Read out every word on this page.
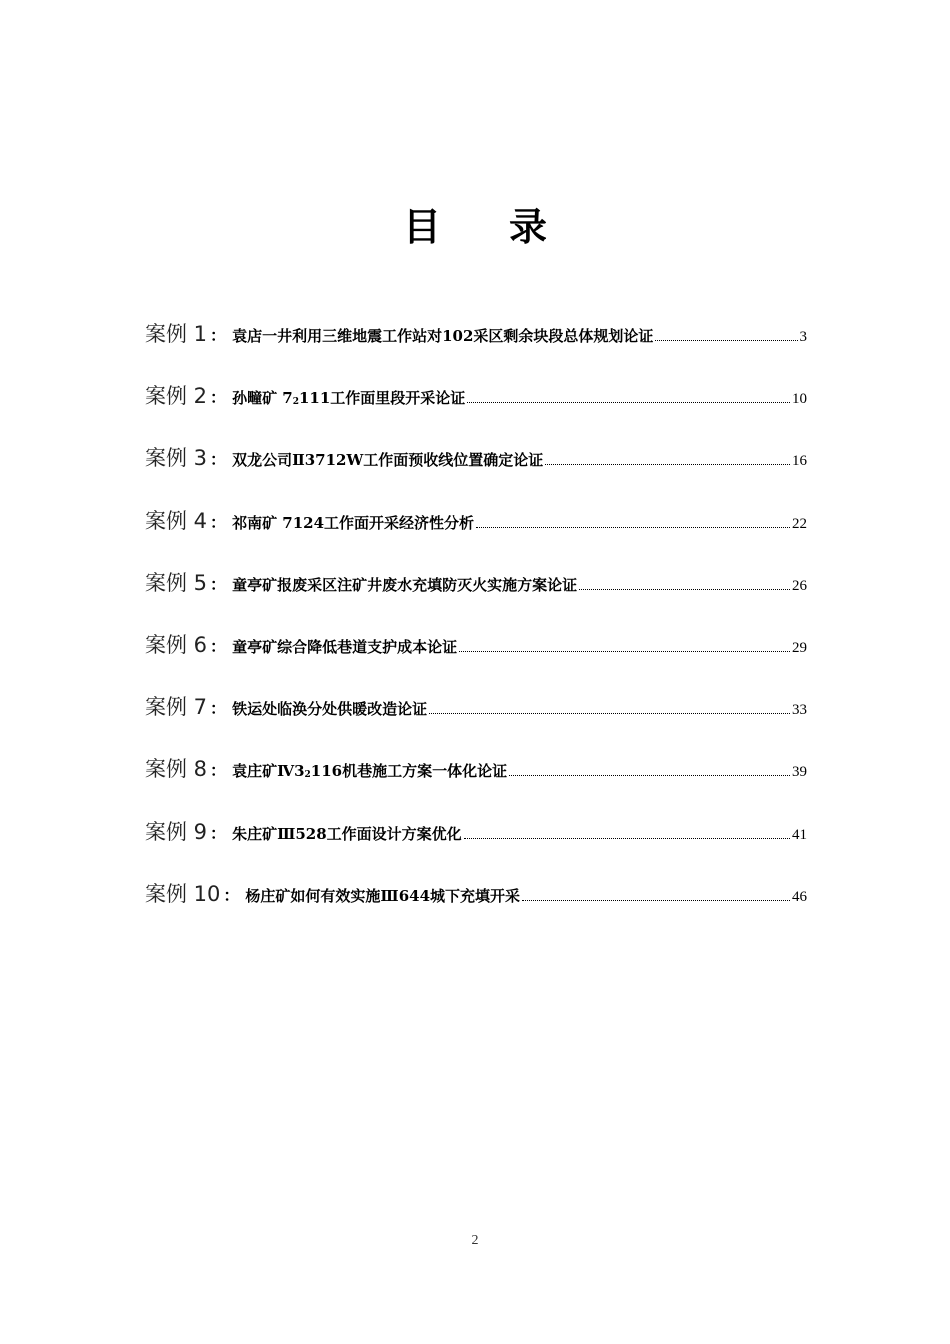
目 录
案例 1 ： 袁店一井利用三维地震工作站对102采区剩余块段总体规划论证	3
案例 2 ： 孙疃矿 $7_2111$工作面里段开采论证	10
案例 3 ： 双龙公司Ⅱ3712W工作面预收线位置确定论证	16
案例 4 ： 祁南矿 7124工作面开采经济性分析	22
案例 5 ： 童亭矿报废采区注矿井废水充填防灭火实施方案论证	26
案例 6 ： 童亭矿综合降低巷道支护成本论证	29
案例 7 ： 铁运处临涣分处供暖改造论证	33
案例 8 ： 袁庄矿$Ⅳ3_2116$机巷施工方案一体化论证	39
案例 9 ： 朱庄矿Ⅲ528工作面设计方案优化	41
案例 10 ： 杨庄矿如何有效实施Ⅲ644城下充填开采	46
2
